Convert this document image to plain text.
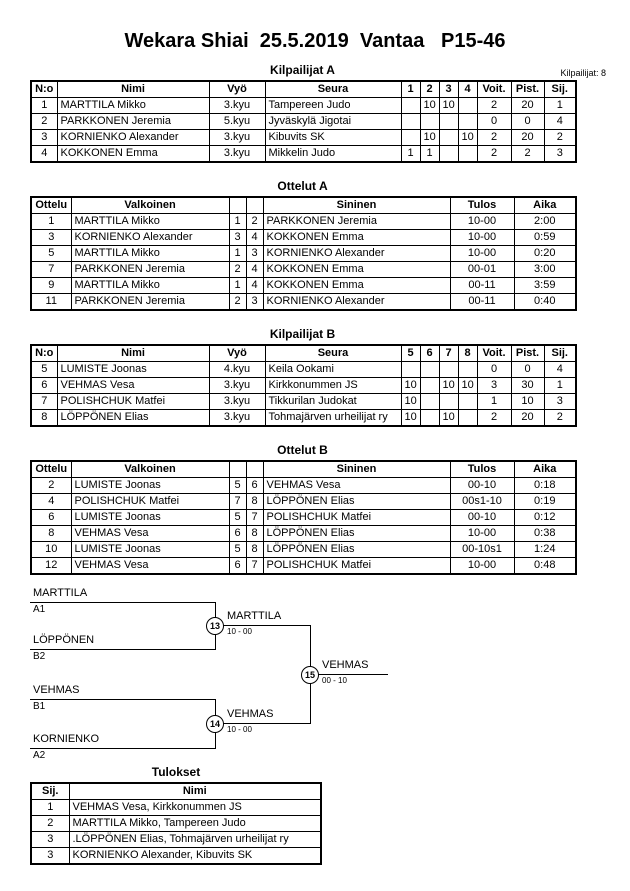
Wekara Shiai  25.5.2019  Vantaa   P15-46
Kilpailijat: 8
Kilpailijat A
N:o	Nimi	Vyö	Seura	1	2	3	4	Voit.	Pist.	Sij.
1	MARTTILA Mikko	3.kyu	Tampereen Judo		10	10		2	20	1
2	PARKKONEN Jeremia	5.kyu	Jyväskylä Jigotai					0	0	4
3	KORNIENKO Alexander	3.kyu	Kibuvits SK		10		10	2	20	2
4	KOKKONEN Emma	3.kyu	Mikkelin Judo	1	1			2	2	3
Ottelut A
Ottelu	Valkoinen			Sininen	Tulos	Aika
1	MARTTILA Mikko	1	2	PARKKONEN Jeremia	10-00	2:00
3	KORNIENKO Alexander	3	4	KOKKONEN Emma	10-00	0:59
5	MARTTILA Mikko	1	3	KORNIENKO Alexander	10-00	0:20
7	PARKKONEN Jeremia	2	4	KOKKONEN Emma	00-01	3:00
9	MARTTILA Mikko	1	4	KOKKONEN Emma	00-11	3:59
11	PARKKONEN Jeremia	2	3	KORNIENKO Alexander	00-11	0:40
Kilpailijat B
N:o	Nimi	Vyö	Seura	5	6	7	8	Voit.	Pist.	Sij.
5	LUMISTE Joonas	4.kyu	Keila Ookami					0	0	4
6	VEHMAS Vesa	3.kyu	Kirkkonummen JS	10		10	10	3	30	1
7	POLISHCHUK Matfei	3.kyu	Tikkurilan Judokat	10				1	10	3
8	LÖPPÖNEN Elias	3.kyu	Tohmajärven urheilijat ry	10		10		2	20	2
Ottelut B
Ottelu	Valkoinen			Sininen	Tulos	Aika
2	LUMISTE Joonas	5	6	VEHMAS Vesa	00-10	0:18
4	POLISHCHUK Matfei	7	8	LÖPPÖNEN Elias	00s1-10	0:19
6	LUMISTE Joonas	5	7	POLISHCHUK Matfei	00-10	0:12
8	VEHMAS Vesa	6	8	LÖPPÖNEN Elias	10-00	0:38
10	LUMISTE Joonas	5	8	LÖPPÖNEN Elias	00-10s1	1:24
12	VEHMAS Vesa	6	7	POLISHCHUK Matfei	10-00	0:48
MARTTILA
A1
LÖPPÖNEN
B2
13
MARTTILA
10 - 00
VEHMAS
B1
KORNIENKO
A2
14
VEHMAS
10 - 00
15
VEHMAS
00 - 10
Tulokset
Sij.	Nimi
1	VEHMAS Vesa, Kirkkonummen JS
2	MARTTILA Mikko, Tampereen Judo
3	.LÖPPÖNEN Elias, Tohmajärven urheilijat ry
3	KORNIENKO Alexander, Kibuvits SK
